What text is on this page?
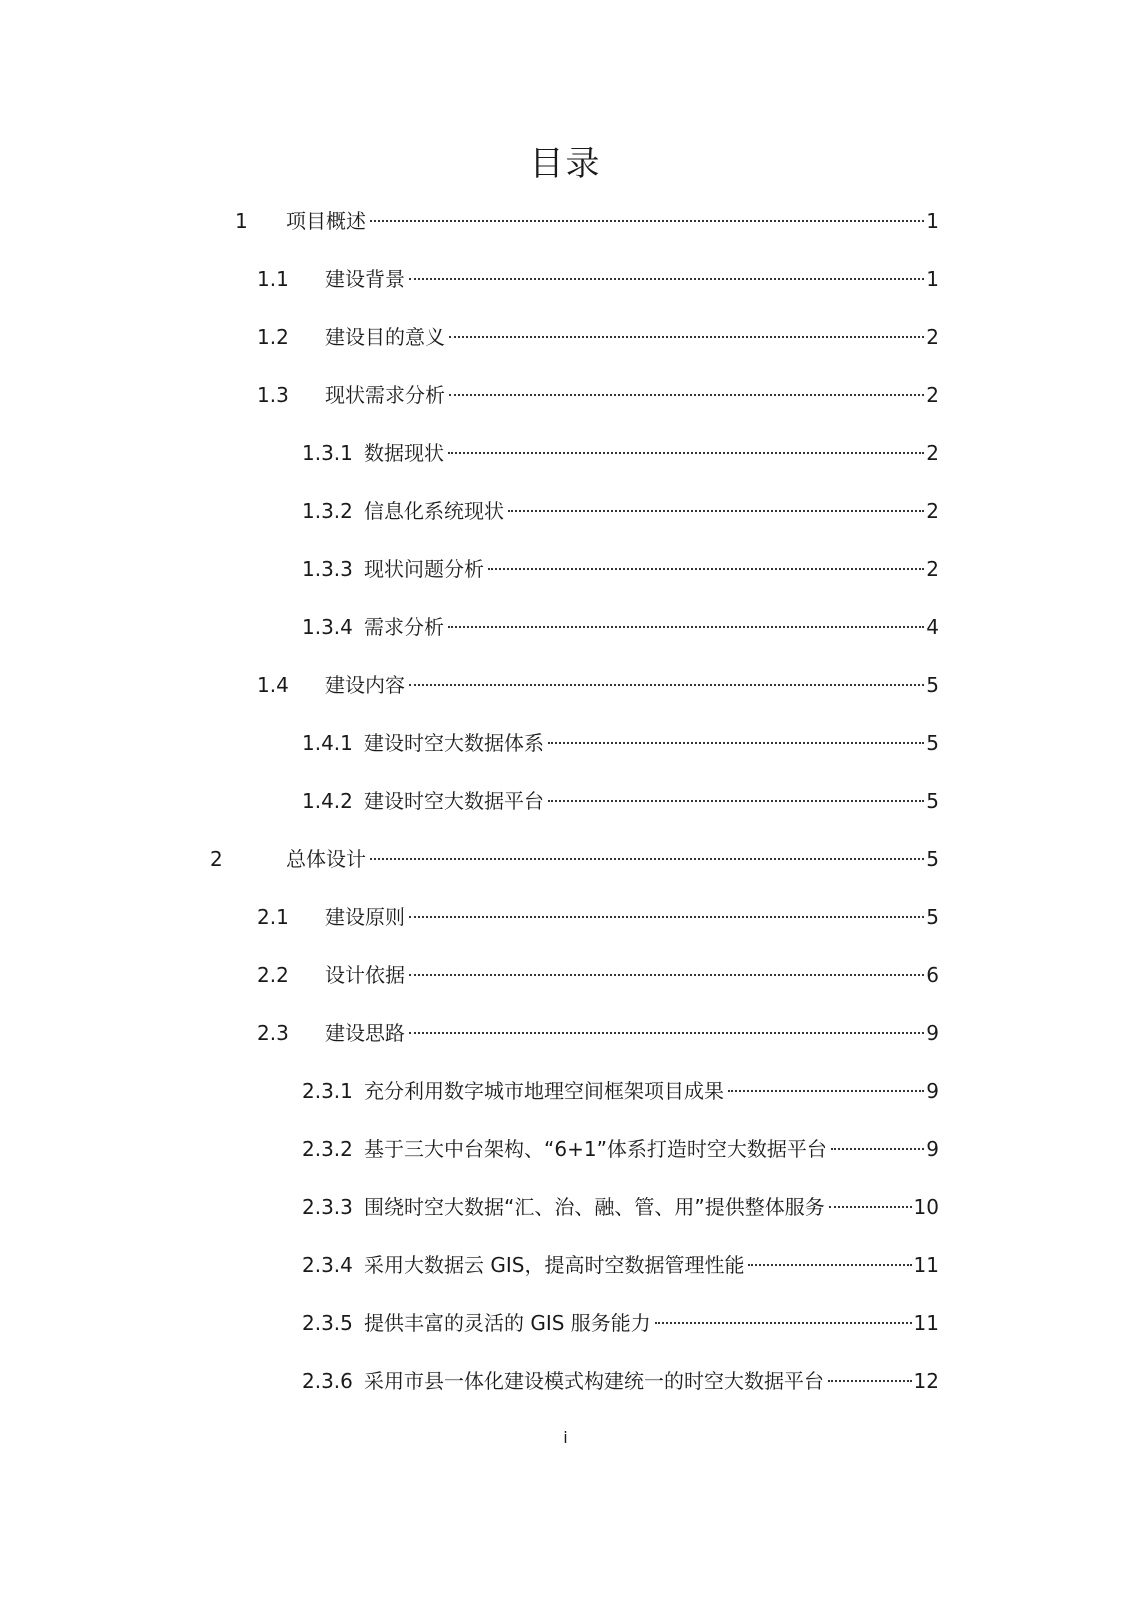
目录
1	项目概述	1
1.1	建设背景	1
1.2	建设目的意义	2
1.3	现状需求分析	2
1.3.1 数据现状	2
1.3.2 信息化系统现状	2
1.3.3 现状问题分析	2
1.3.4 需求分析	4
1.4	建设内容	5
1.4.1 建设时空大数据体系	5
1.4.2 建设时空大数据平台	5
2	总体设计	5
2.1	建设原则	5
2.2	设计依据	6
2.3	建设思路	9
2.3.1 充分利用数字城市地理空间框架项目成果	9
2.3.2 基于三大中台架构、“6+1”体系打造时空大数据平台	9
2.3.3 围绕时空大数据“汇、治、融、管、用”提供整体服务	10
2.3.4 采用大数据云 GIS，提高时空数据管理性能	11
2.3.5 提供丰富的灵活的 GIS 服务能力	11
2.3.6 采用市县一体化建设模式构建统一的时空大数据平台	12
i
